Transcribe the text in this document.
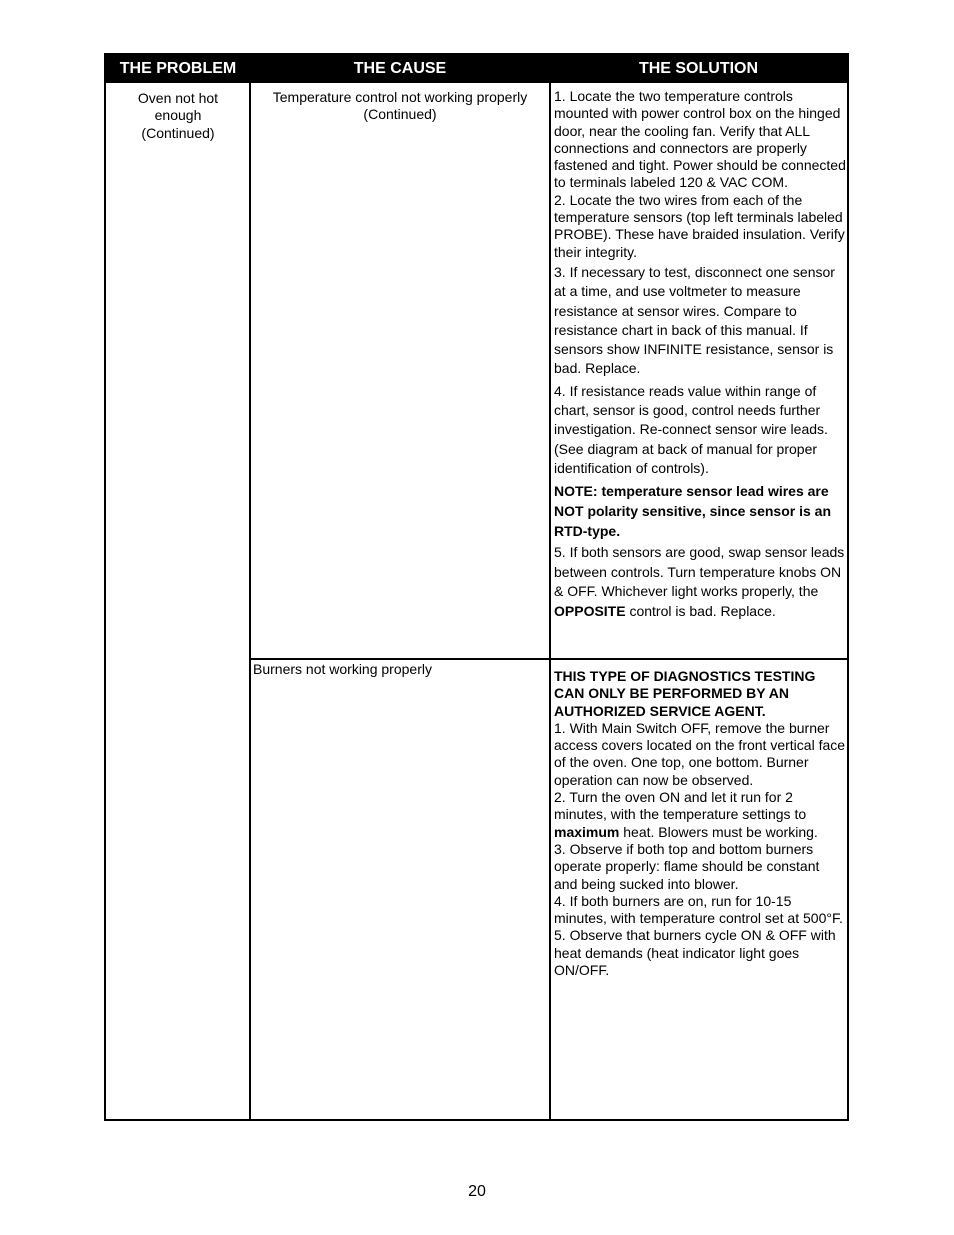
THE PROBLEM	THE CAUSE	THE SOLUTION
Oven not hot
enough
(Continued)
Temperature control not working properly
(Continued)
Burners not working properly

1. Locate the two temperature controls mounted with power control box on the hinged door, near the cooling fan. Verify that ALL connections and connectors are properly fastened and tight. Power should be connected to terminals labeled 120 & VAC COM.

2. Locate the two wires from each of the temperature sensors (top left terminals labeled PROBE). These have braided insulation. Verify their integrity.

3. If necessary to test, disconnect one sensor at a time, and use voltmeter to measure resistance at sensor wires. Compare to resistance chart in back of this manual. If sensors show INFINITE resistance, sensor is bad. Replace.

4. If resistance reads value within range of chart, sensor is good, control needs further investigation. Re-connect sensor wire leads. (See diagram at back of manual for proper identification of controls).

NOTE: temperature sensor lead wires are NOT polarity sensitive, since sensor is an RTD-type.

5. If both sensors are good, swap sensor leads between controls. Turn temperature knobs ON & OFF. Whichever light works properly, the OPPOSITE control is bad. Replace.

THIS TYPE OF DIAGNOSTICS TESTING CAN ONLY BE PERFORMED BY AN AUTHORIZED SERVICE AGENT.

1. With Main Switch OFF, remove the burner access covers located on the front vertical face of the oven. One top, one bottom. Burner operation can now be observed.

2. Turn the oven ON and let it run for 2 minutes, with the temperature settings to maximum heat. Blowers must be working.

3. Observe if both top and bottom burners operate properly: flame should be constant and being sucked into blower.

4. If both burners are on, run for 10-15 minutes, with temperature control set at 500°F.

5. Observe that burners cycle ON & OFF with heat demands (heat indicator light goes ON/OFF.

20
